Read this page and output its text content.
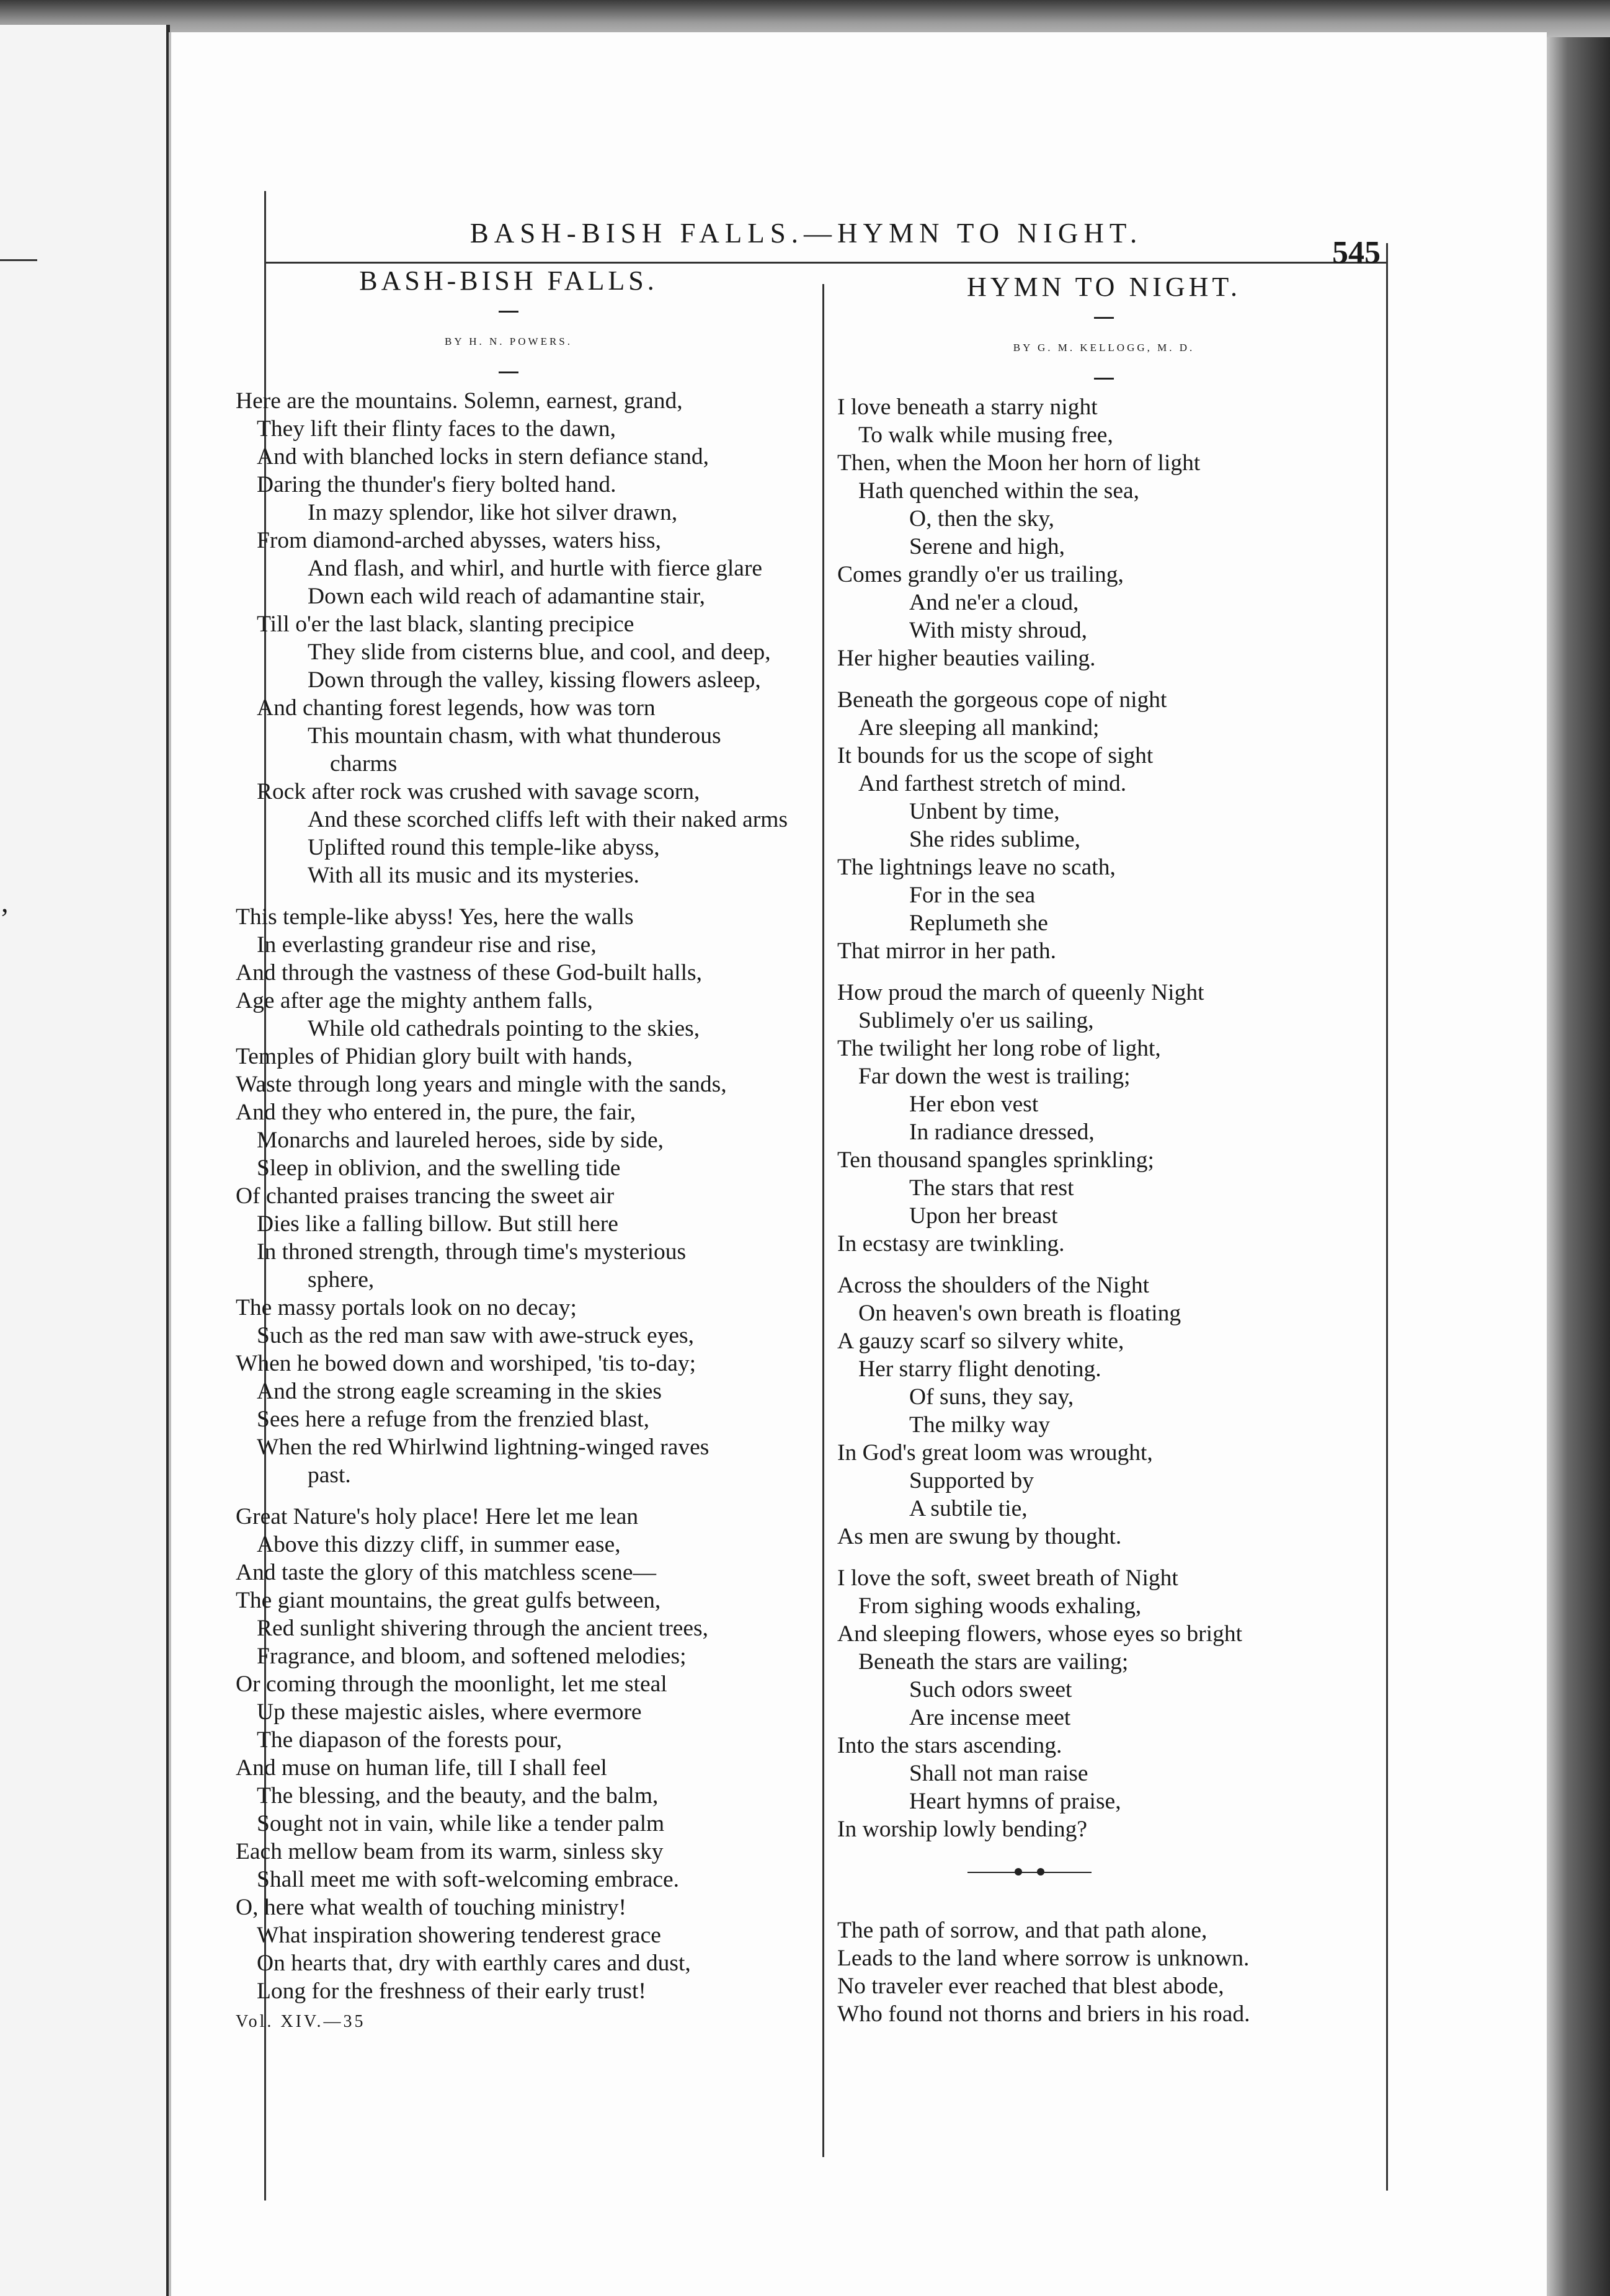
,
BASH-BISH FALLS.—HYMN TO NIGHT.
545
BASH-BISH FALLS.
BY H. N. POWERS.
Here are the mountains. Solemn, earnest, grand,
They lift their flinty faces to the dawn,
And with blanched locks in stern defiance stand,
Daring the thunder's fiery bolted hand.
In mazy splendor, like hot silver drawn,
From diamond-arched abysses, waters hiss,
And flash, and whirl, and hurtle with fierce glare
Down each wild reach of adamantine stair,
Till o'er the last black, slanting precipice
They slide from cisterns blue, and cool, and deep,
Down through the valley, kissing flowers asleep,
And chanting forest legends, how was torn
This mountain chasm, with what thunderous
charms
Rock after rock was crushed with savage scorn,
And these scorched cliffs left with their naked arms
Uplifted round this temple-like abyss,
With all its music and its mysteries.
This temple-like abyss! Yes, here the walls
In everlasting grandeur rise and rise,
And through the vastness of these God-built halls,
Age after age the mighty anthem falls,
While old cathedrals pointing to the skies,
Temples of Phidian glory built with hands,
Waste through long years and mingle with the sands,
And they who entered in, the pure, the fair,
Monarchs and laureled heroes, side by side,
Sleep in oblivion, and the swelling tide
Of chanted praises trancing the sweet air
Dies like a falling billow. But still here
In throned strength, through time's mysterious
sphere,
The massy portals look on no decay;
Such as the red man saw with awe-struck eyes,
When he bowed down and worshiped, 'tis to-day;
And the strong eagle screaming in the skies
Sees here a refuge from the frenzied blast,
When the red Whirlwind lightning-winged raves
past.
Great Nature's holy place! Here let me lean
Above this dizzy cliff, in summer ease,
And taste the glory of this matchless scene—
The giant mountains, the great gulfs between,
Red sunlight shivering through the ancient trees,
Fragrance, and bloom, and softened melodies;
Or coming through the moonlight, let me steal
Up these majestic aisles, where evermore
The diapason of the forests pour,
And muse on human life, till I shall feel
The blessing, and the beauty, and the balm,
Sought not in vain, while like a tender palm
Each mellow beam from its warm, sinless sky
Shall meet me with soft-welcoming embrace.
O, here what wealth of touching ministry!
What inspiration showering tenderest grace
On hearts that, dry with earthly cares and dust,
Long for the freshness of their early trust!
Vol. XIV.—35
HYMN TO NIGHT.
BY G. M. KELLOGG, M. D.
I love beneath a starry night
To walk while musing free,
Then, when the Moon her horn of light
Hath quenched within the sea,
O, then the sky,
Serene and high,
Comes grandly o'er us trailing,
And ne'er a cloud,
With misty shroud,
Her higher beauties vailing.
Beneath the gorgeous cope of night
Are sleeping all mankind;
It bounds for us the scope of sight
And farthest stretch of mind.
Unbent by time,
She rides sublime,
The lightnings leave no scath,
For in the sea
Replumeth she
That mirror in her path.
How proud the march of queenly Night
Sublimely o'er us sailing,
The twilight her long robe of light,
Far down the west is trailing;
Her ebon vest
In radiance dressed,
Ten thousand spangles sprinkling;
The stars that rest
Upon her breast
In ecstasy are twinkling.
Across the shoulders of the Night
On heaven's own breath is floating
A gauzy scarf so silvery white,
Her starry flight denoting.
Of suns, they say,
The milky way
In God's great loom was wrought,
Supported by
A subtile tie,
As men are swung by thought.
I love the soft, sweet breath of Night
From sighing woods exhaling,
And sleeping flowers, whose eyes so bright
Beneath the stars are vailing;
Such odors sweet
Are incense meet
Into the stars ascending.
Shall not man raise
Heart hymns of praise,
In worship lowly bending?
The path of sorrow, and that path alone,
Leads to the land where sorrow is unknown.
No traveler ever reached that blest abode,
Who found not thorns and briers in his road.
